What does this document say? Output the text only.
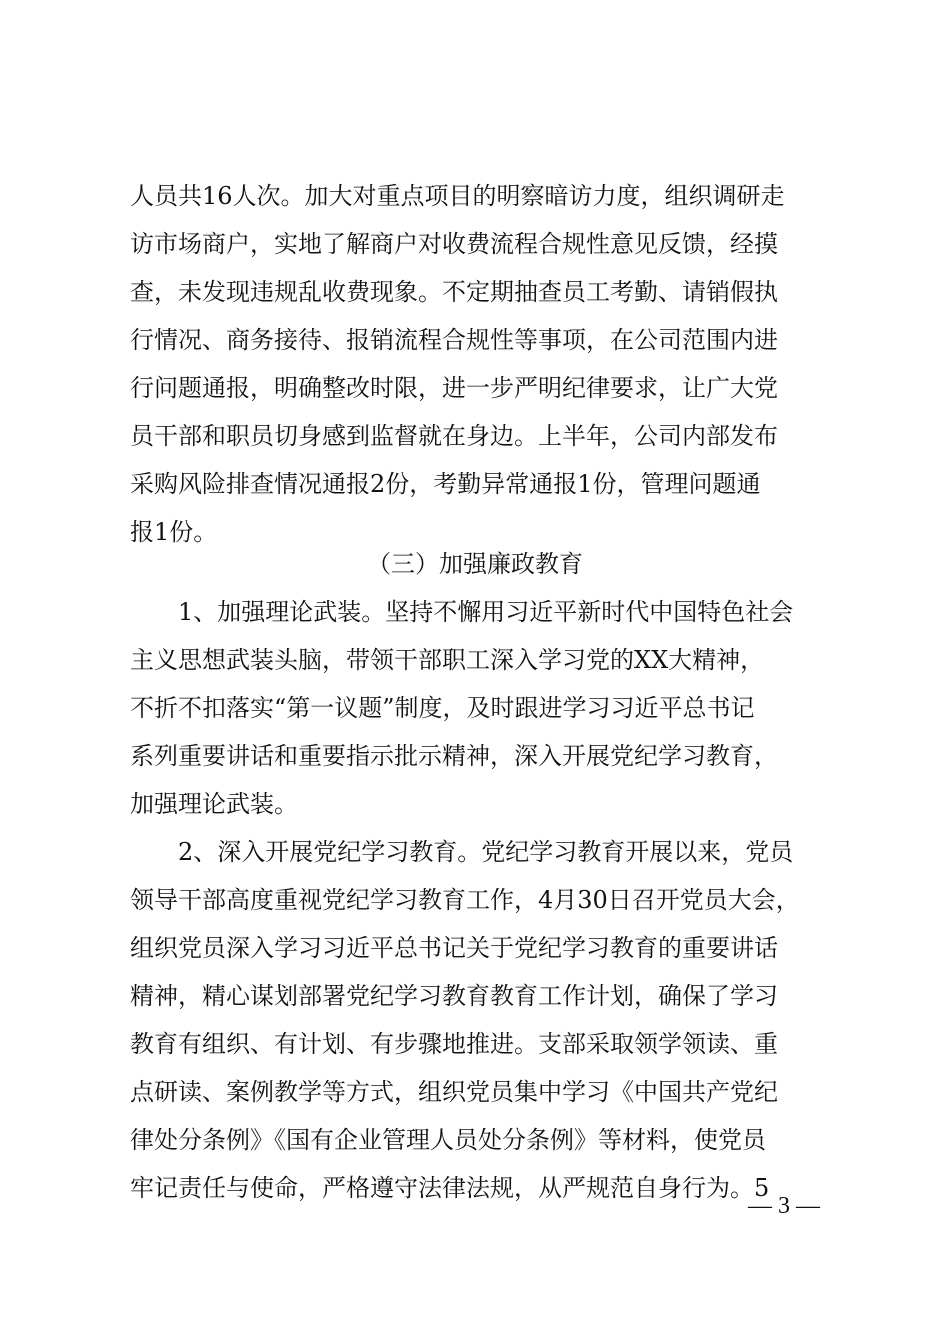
人员共16人次。加大对重点项目的明察暗访力度，组织调研走
访市场商户，实地了解商户对收费流程合规性意见反馈，经摸
查，未发现违规乱收费现象。不定期抽查员工考勤、请销假执
行情况、商务接待、报销流程合规性等事项，在公司范围内进
行问题通报，明确整改时限，进一步严明纪律要求，让广大党
员干部和职员切身感到监督就在身边。上半年，公司内部发布
采购风险排查情况通报2份，考勤异常通报1份，管理问题通
报1份。
（三）加强廉政教育
1、加强理论武装。坚持不懈用习近平新时代中国特色社会
主义思想武装头脑，带领干部职工深入学习党的XX大精神，
不折不扣落实“第一议题”制度，及时跟进学习习近平总书记
系列重要讲话和重要指示批示精神，深入开展党纪学习教育，
加强理论武装。
2、深入开展党纪学习教育。党纪学习教育开展以来，党员
领导干部高度重视党纪学习教育工作，4月30日召开党员大会，
组织党员深入学习习近平总书记关于党纪学习教育的重要讲话
精神，精心谋划部署党纪学习教育教育工作计划，确保了学习
教育有组织、有计划、有步骤地推进。支部采取领学领读、重
点研读、案例教学等方式，组织党员集中学习《中国共产党纪
律处分条例》《国有企业管理人员处分条例》等材料，使党员
牢记责任与使命，严格遵守法律法规，从严规范自身行为。5
— 3 —
